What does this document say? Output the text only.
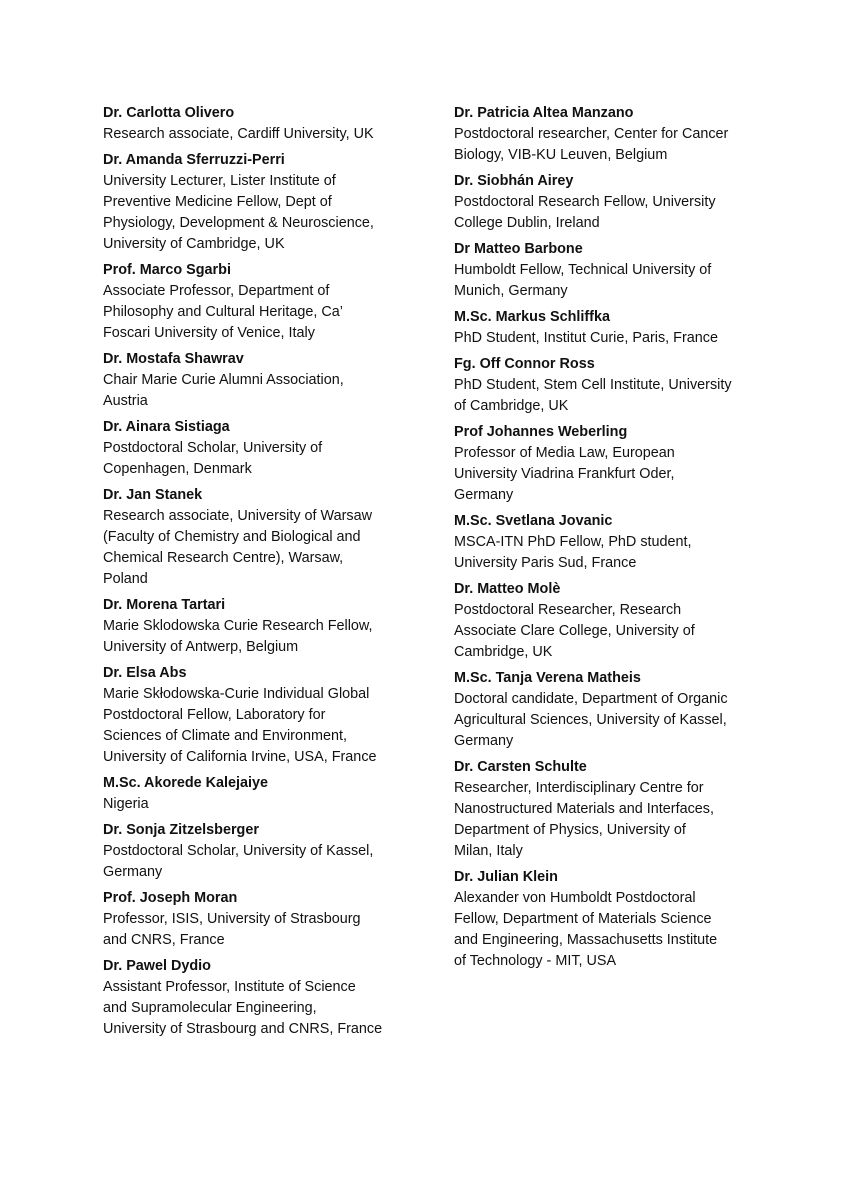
Dr. Carlotta Olivero
Research associate, Cardiff University, UK
Dr. Amanda Sferruzzi-Perri
University Lecturer, Lister Institute of
Preventive Medicine Fellow, Dept of
Physiology, Development & Neuroscience,
University of Cambridge, UK
Prof. Marco Sgarbi
Associate Professor, Department of
Philosophy and Cultural Heritage, Ca’
Foscari University of Venice, Italy
Dr. Mostafa Shawrav
Chair Marie Curie Alumni Association,
Austria
Dr. Ainara Sistiaga
Postdoctoral Scholar, University of
Copenhagen, Denmark
Dr. Jan Stanek
Research associate, University of Warsaw
(Faculty of Chemistry and Biological and
Chemical Research Centre), Warsaw,
Poland
Dr. Morena Tartari
Marie Sklodowska Curie Research Fellow,
University of Antwerp, Belgium
Dr. Elsa Abs
Marie Skłodowska-Curie Individual Global
Postdoctoral Fellow, Laboratory for
Sciences of Climate and Environment,
University of California Irvine, USA, France
M.Sc. Akorede Kalejaiye
Nigeria
Dr. Sonja Zitzelsberger
Postdoctoral Scholar, University of Kassel,
Germany
Prof. Joseph Moran
Professor, ISIS, University of Strasbourg
and CNRS, France
Dr. Pawel Dydio
Assistant Professor, Institute of Science
and Supramolecular Engineering,
University of Strasbourg and CNRS, France
Dr. Patricia Altea Manzano
Postdoctoral researcher, Center for Cancer
Biology, VIB-KU Leuven, Belgium
Dr. Siobhán Airey
Postdoctoral Research Fellow, University
College Dublin, Ireland
Dr Matteo Barbone
Humboldt Fellow, Technical University of
Munich, Germany
M.Sc. Markus Schliffka
PhD Student, Institut Curie, Paris, France
Fg. Off Connor Ross
PhD Student, Stem Cell Institute, University
of Cambridge, UK
Prof Johannes Weberling
Professor of Media Law, European
University Viadrina Frankfurt Oder,
Germany
M.Sc. Svetlana Jovanic
MSCA-ITN PhD Fellow, PhD student,
University Paris Sud, France
Dr. Matteo Molè
Postdoctoral Researcher, Research
Associate Clare College, University of
Cambridge, UK
M.Sc. Tanja Verena Matheis
Doctoral candidate, Department of Organic
Agricultural Sciences, University of Kassel,
Germany
Dr. Carsten Schulte
Researcher, Interdisciplinary Centre for
Nanostructured Materials and Interfaces,
Department of Physics, University of
Milan, Italy
Dr. Julian Klein
Alexander von Humboldt Postdoctoral
Fellow, Department of Materials Science
and Engineering, Massachusetts Institute
of Technology - MIT, USA
